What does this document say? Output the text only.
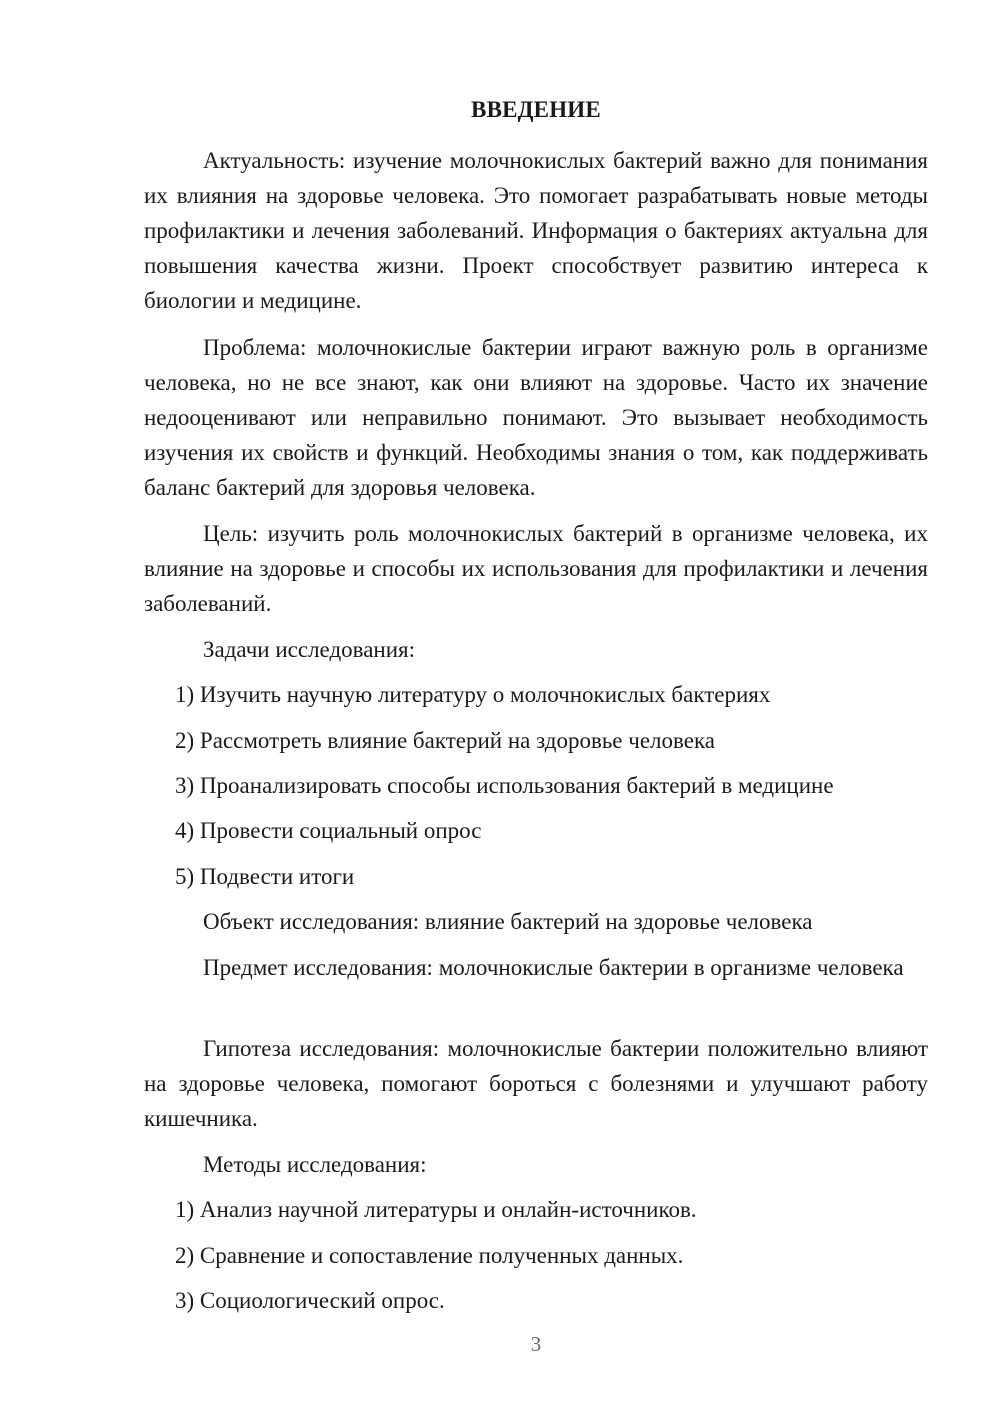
ВВЕДЕНИЕ

Актуальность: изучение молочнокислых бактерий важно для понимания их влияния на здоровье человека. Это помогает разрабатывать новые методы профилактики и лечения заболеваний. Информация о бактериях актуальна для повышения качества жизни. Проект способствует развитию интереса к биологии и медицине.

Проблема: молочнокислые бактерии играют важную роль в организме человека, но не все знают, как они влияют на здоровье. Часто их значение недооценивают или неправильно понимают. Это вызывает необходимость изучения их свойств и функций. Необходимы знания о том, как поддерживать баланс бактерий для здоровья человека.

Цель: изучить роль молочнокислых бактерий в организме человека, их влияние на здоровье и способы их использования для профилактики и лечения заболеваний.

Задачи исследования:

1) Изучить научную литературу о молочнокислых бактериях

2) Рассмотреть влияние бактерий на здоровье человека

3) Проанализировать способы использования бактерий в медицине

4) Провести социальный опрос

5) Подвести итоги

Объект исследования: влияние бактерий на здоровье человека

Предмет исследования: молочнокислые бактерии в организме человека

Гипотеза исследования: молочнокислые бактерии положительно влияют на здоровье человека, помогают бороться с болезнями и улучшают работу кишечника.

Методы исследования:

1) Анализ научной литературы и онлайн-источников.

2) Сравнение и сопоставление полученных данных.

3) Социологический опрос.

3
